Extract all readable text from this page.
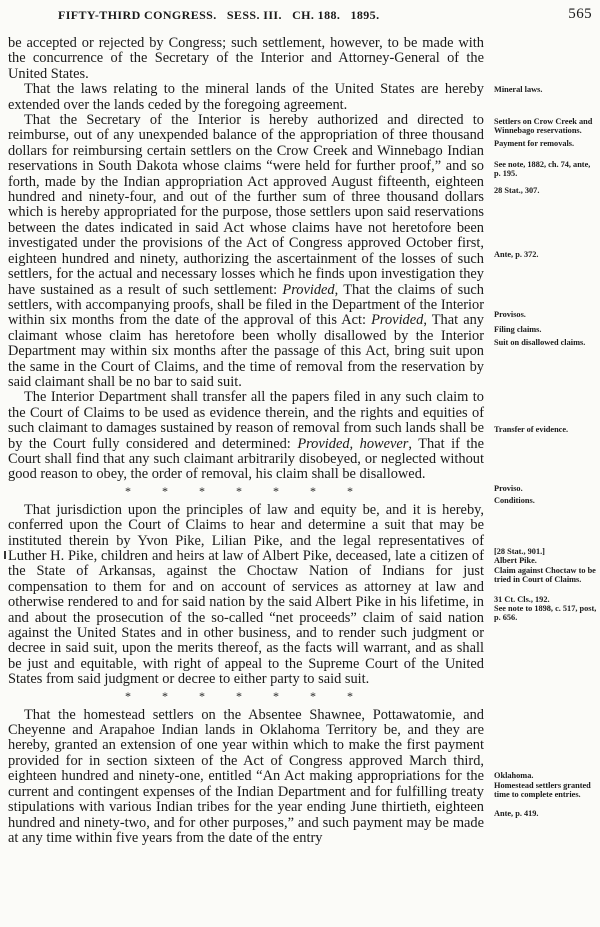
FIFTY-THIRD CONGRESS.   SESS. III.   CH. 188.   1895.	565

be accepted or rejected by Congress; such settlement, however, to be made with the concurrence of the Secretary of the Interior and Attorney-General of the United States.

That the laws relating to the mineral lands of the United States are hereby extended over the lands ceded by the foregoing agreement.

That the Secretary of the Interior is hereby authorized and directed to reimburse, out of any unexpended balance of the appropriation of three thousand dollars for reimbursing certain settlers on the Crow Creek and Winnebago Indian reservations in South Dakota whose claims “were held for further proof,” and so forth, made by the Indian appropriation Act approved August fifteenth, eighteen hundred and ninety-four, and out of the further sum of three thousand dollars which is hereby appropriated for the purpose, those settlers upon said reservations between the dates indicated in said Act whose claims have not heretofore been investigated under the provisions of the Act of Congress approved October first, eighteen hundred and ninety, authorizing the ascertainment of the losses of such settlers, for the actual and necessary losses which he finds upon investigation they have sustained as a result of such settlement: Provided, That the claims of such settlers, with accompanying proofs, shall be filed in the Department of the Interior within six months from the date of the approval of this Act: Provided, That any claimant whose claim has heretofore been wholly disallowed by the Interior Department may within six months after the passage of this Act, bring suit upon the same in the Court of Claims, and the time of removal from the reservation by said claimant shall be no bar to said suit.

The Interior Department shall transfer all the papers filed in any such claim to the Court of Claims to be used as evidence therein, and the rights and equities of such claimant to damages sustained by reason of removal from such lands shall be by the Court fully considered and determined: Provided, however, That if the Court shall find that any such claimant arbitrarily disobeyed, or neglected without good reason to obey, the order of removal, his claim shall be disallowed.

* * * * * * *

That jurisdiction upon the principles of law and equity be, and it is hereby, conferred upon the Court of Claims to hear and determine a suit that may be instituted therein by Yvon Pike, Lilian Pike, and the legal representatives of Luther H. Pike, children and heirs at law of Albert Pike, deceased, late a citizen of the State of Arkansas, against the Choctaw Nation of Indians for just compensation to them for and on account of services as attorney at law and otherwise rendered to and for said nation by the said Albert Pike in his lifetime, in and about the prosecution of the so-called “net proceeds” claim of said nation against the United States and in other business, and to render such judgment or decree in said suit, upon the merits thereof, as the facts will warrant, and as shall be just and equitable, with right of appeal to the Supreme Court of the United States from said judgment or decree to either party to said suit.

* * * * * * *

That the homestead settlers on the Absentee Shawnee, Pottawatomie, and Cheyenne and Arapahoe Indian lands in Oklahoma Territory be, and they are hereby, granted an extension of one year within which to make the first payment provided for in section sixteen of the Act of Congress approved March third, eighteen hundred and ninety-one, entitled “An Act making appropriations for the current and contingent expenses of the Indian Department and for fulfilling treaty stipulations with various Indian tribes for the year ending June thirtieth, eighteen hundred and ninety-two, and for other purposes,” and such payment may be made at any time within five years from the date of the entry

Mineral laws.
Settlers on Crow Creek and Winnebago reservations.
Payment for removals.
See note, 1882, ch. 74, ante, p. 195.
28 Stat., 307.
Ante, p. 372.
Provisos.
Filing claims.
Suit on disallowed claims.
Transfer of evidence.
Proviso.
Conditions.
[28 Stat., 901.]
Albert Pike.
Claim against Choctaw to be tried in Court of Claims.
31 Ct. Cls., 192.
See note to 1898, c. 517, post, p. 656.
Oklahoma.
Homestead settlers granted time to complete entries.
Ante, p. 419.
